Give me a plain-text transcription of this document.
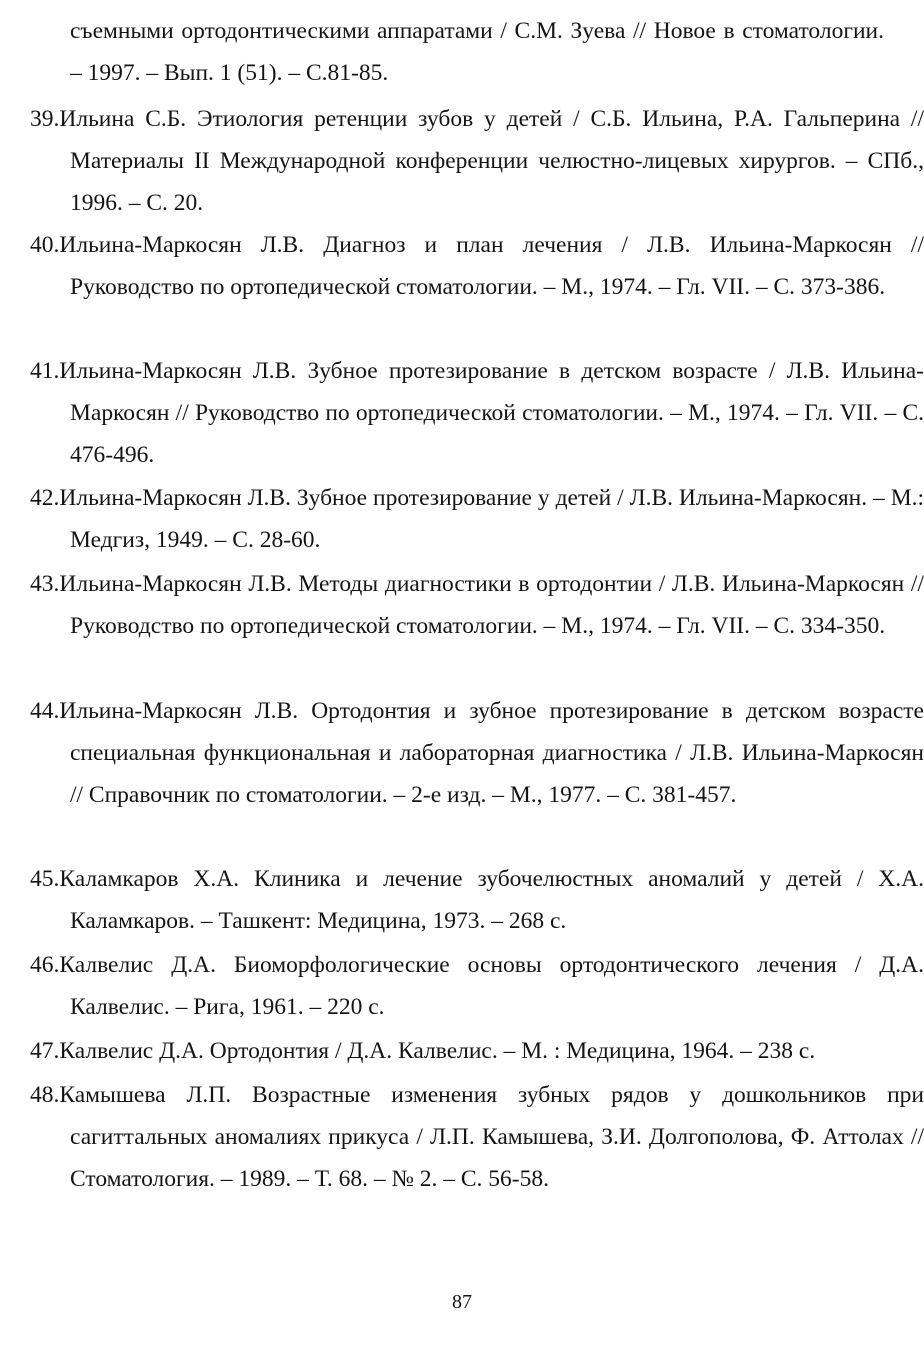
съемными ортодонтическими аппаратами / С.М. Зуева // Новое в стоматологии. – 1997. – Вып. 1 (51). – С.81-85.
39.Ильина С.Б. Этиология ретенции зубов у детей / С.Б. Ильина, Р.А. Гальперина // Материалы II Международной конференции челюстно-лицевых хирургов. – СПб., 1996. – С. 20.
40.Ильина-Маркосян Л.В. Диагноз и план лечения / Л.В. Ильина-Маркосян // Руководство по ортопедической стоматологии. – М., 1974. – Гл. VII. – С. 373-386.
41.Ильина-Маркосян Л.В. Зубное протезирование в детском возрасте / Л.В. Ильина-Маркосян // Руководство по ортопедической стоматологии. – М., 1974. – Гл. VII. – С. 476-496.
42.Ильина-Маркосян Л.В. Зубное протезирование у детей / Л.В. Ильина-Маркосян. – М.: Медгиз, 1949. – С. 28-60.
43.Ильина-Маркосян Л.В. Методы диагностики в ортодонтии / Л.В. Ильина-Маркосян // Руководство по ортопедической стоматологии. – М., 1974. – Гл. VII. – С. 334-350.
44.Ильина-Маркосян Л.В. Ортодонтия и зубное протезирование в детском возрасте специальная функциональная и лабораторная диагностика / Л.В. Ильина-Маркосян // Справочник по стоматологии. – 2-е изд. – М., 1977. – С. 381-457.
45.Каламкаров Х.А. Клиника и лечение зубочелюстных аномалий у детей / Х.А. Каламкаров. – Ташкент: Медицина, 1973. – 268 с.
46.Калвелис Д.А. Биоморфологические основы ортодонтического лечения / Д.А. Калвелис. – Рига, 1961. – 220 с.
47.Калвелис Д.А. Ортодонтия / Д.А. Калвелис. – М. : Медицина, 1964. – 238 с.
48.Камышева Л.П. Возрастные изменения зубных рядов у дошкольников при сагиттальных аномалиях прикуса / Л.П. Камышева, З.И. Долгополова, Ф. Аттолах // Стоматология. – 1989. – Т. 68. – № 2. – С. 56-58.
87
